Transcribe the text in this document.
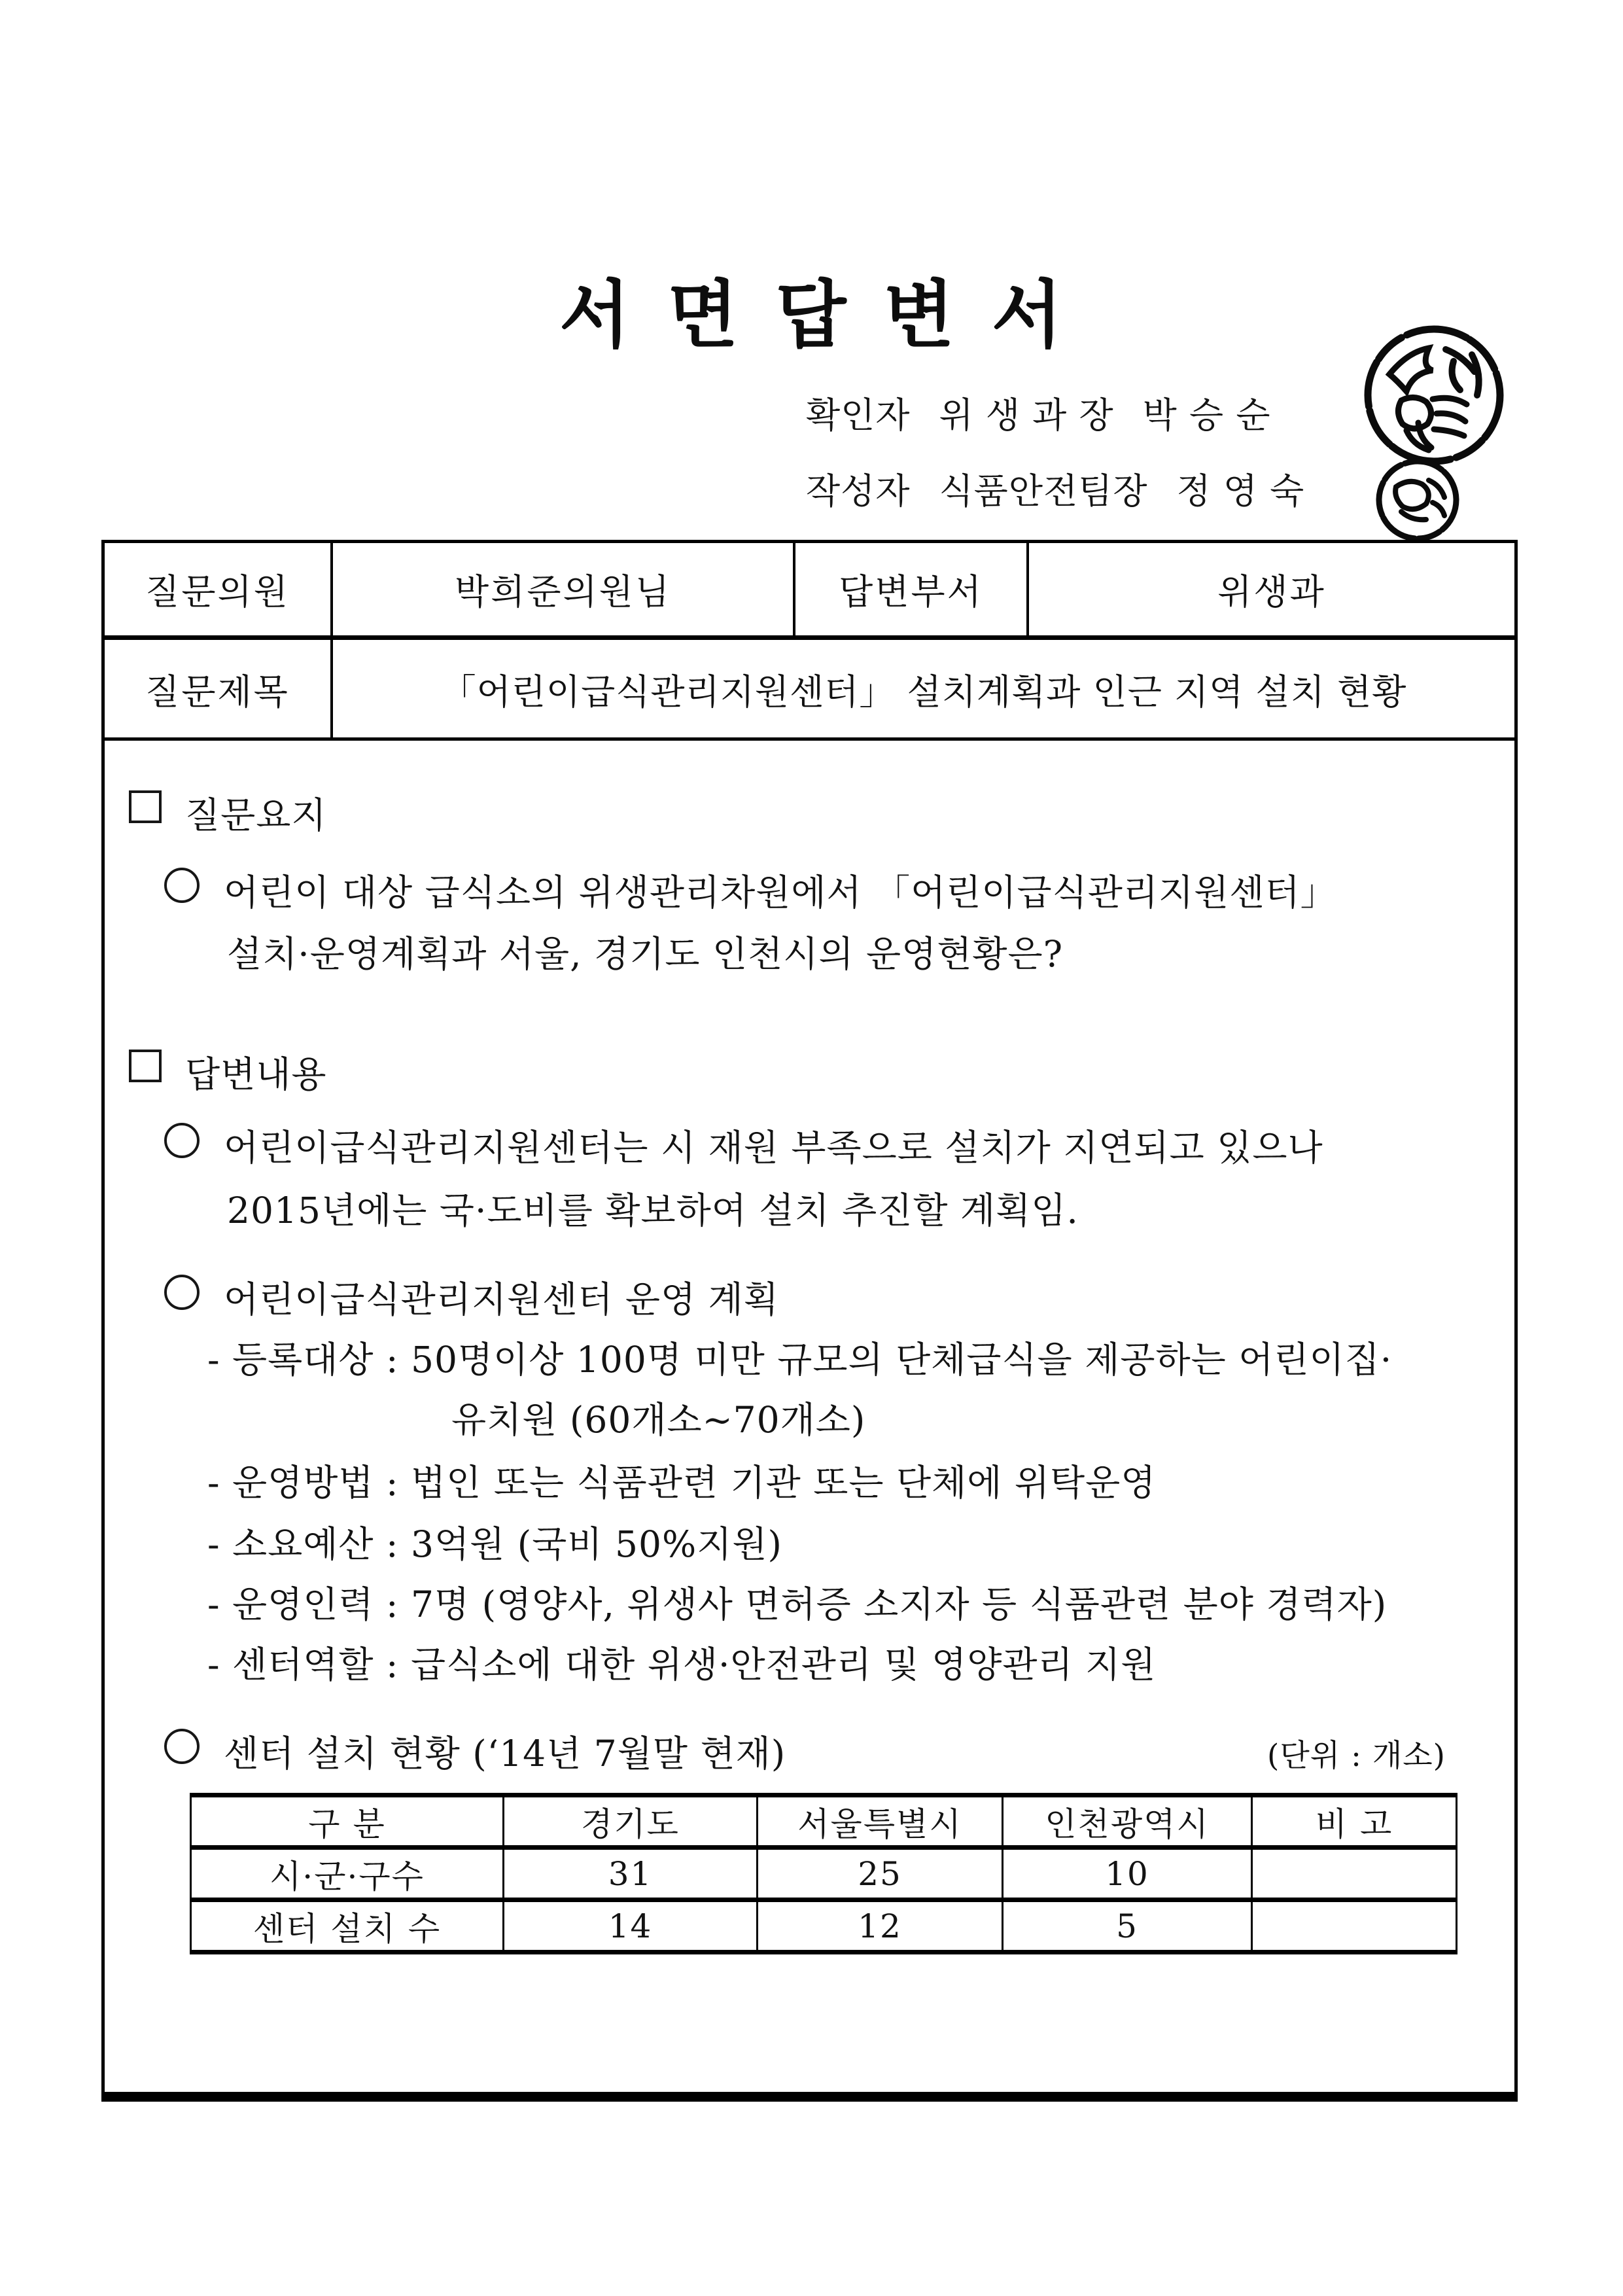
서 면 답 변 서
확인자 위 생 과 장 박 승 순
작성자 식품안전팀장 정 영 숙
질문의원	박희준의원님	답변부서	위생과
질문제목	「어린이급식관리지원센터」 설치계획과 인근 지역 설치 현황
질문요지
어린이 대상 급식소의 위생관리차원에서 「어린이급식관리지원센터」
설치·운영계획과 서울, 경기도 인천시의 운영현황은?
답변내용
어린이급식관리지원센터는 시 재원 부족으로 설치가 지연되고 있으나
2015년에는 국·도비를 확보하여 설치 추진할 계획임.
어린이급식관리지원센터 운영 계획
- 등록대상 : 50명이상 100명 미만 규모의 단체급식을 제공하는 어린이집·
유치원 (60개소~70개소)
- 운영방법 : 법인 또는 식품관련 기관 또는 단체에 위탁운영
- 소요예산 : 3억원 (국비 50%지원)
- 운영인력 : 7명 (영양사, 위생사 면허증 소지자 등 식품관련 분야 경력자)
- 센터역할 : 급식소에 대한 위생·안전관리 및 영양관리 지원
센터 설치 현황 (‘14년 7월말 현재)	(단위 : 개소)
구 분	경기도	서울특별시	인천광역시	비 고
시·군·구수	31	25	10	
센터 설치 수	14	12	5	
